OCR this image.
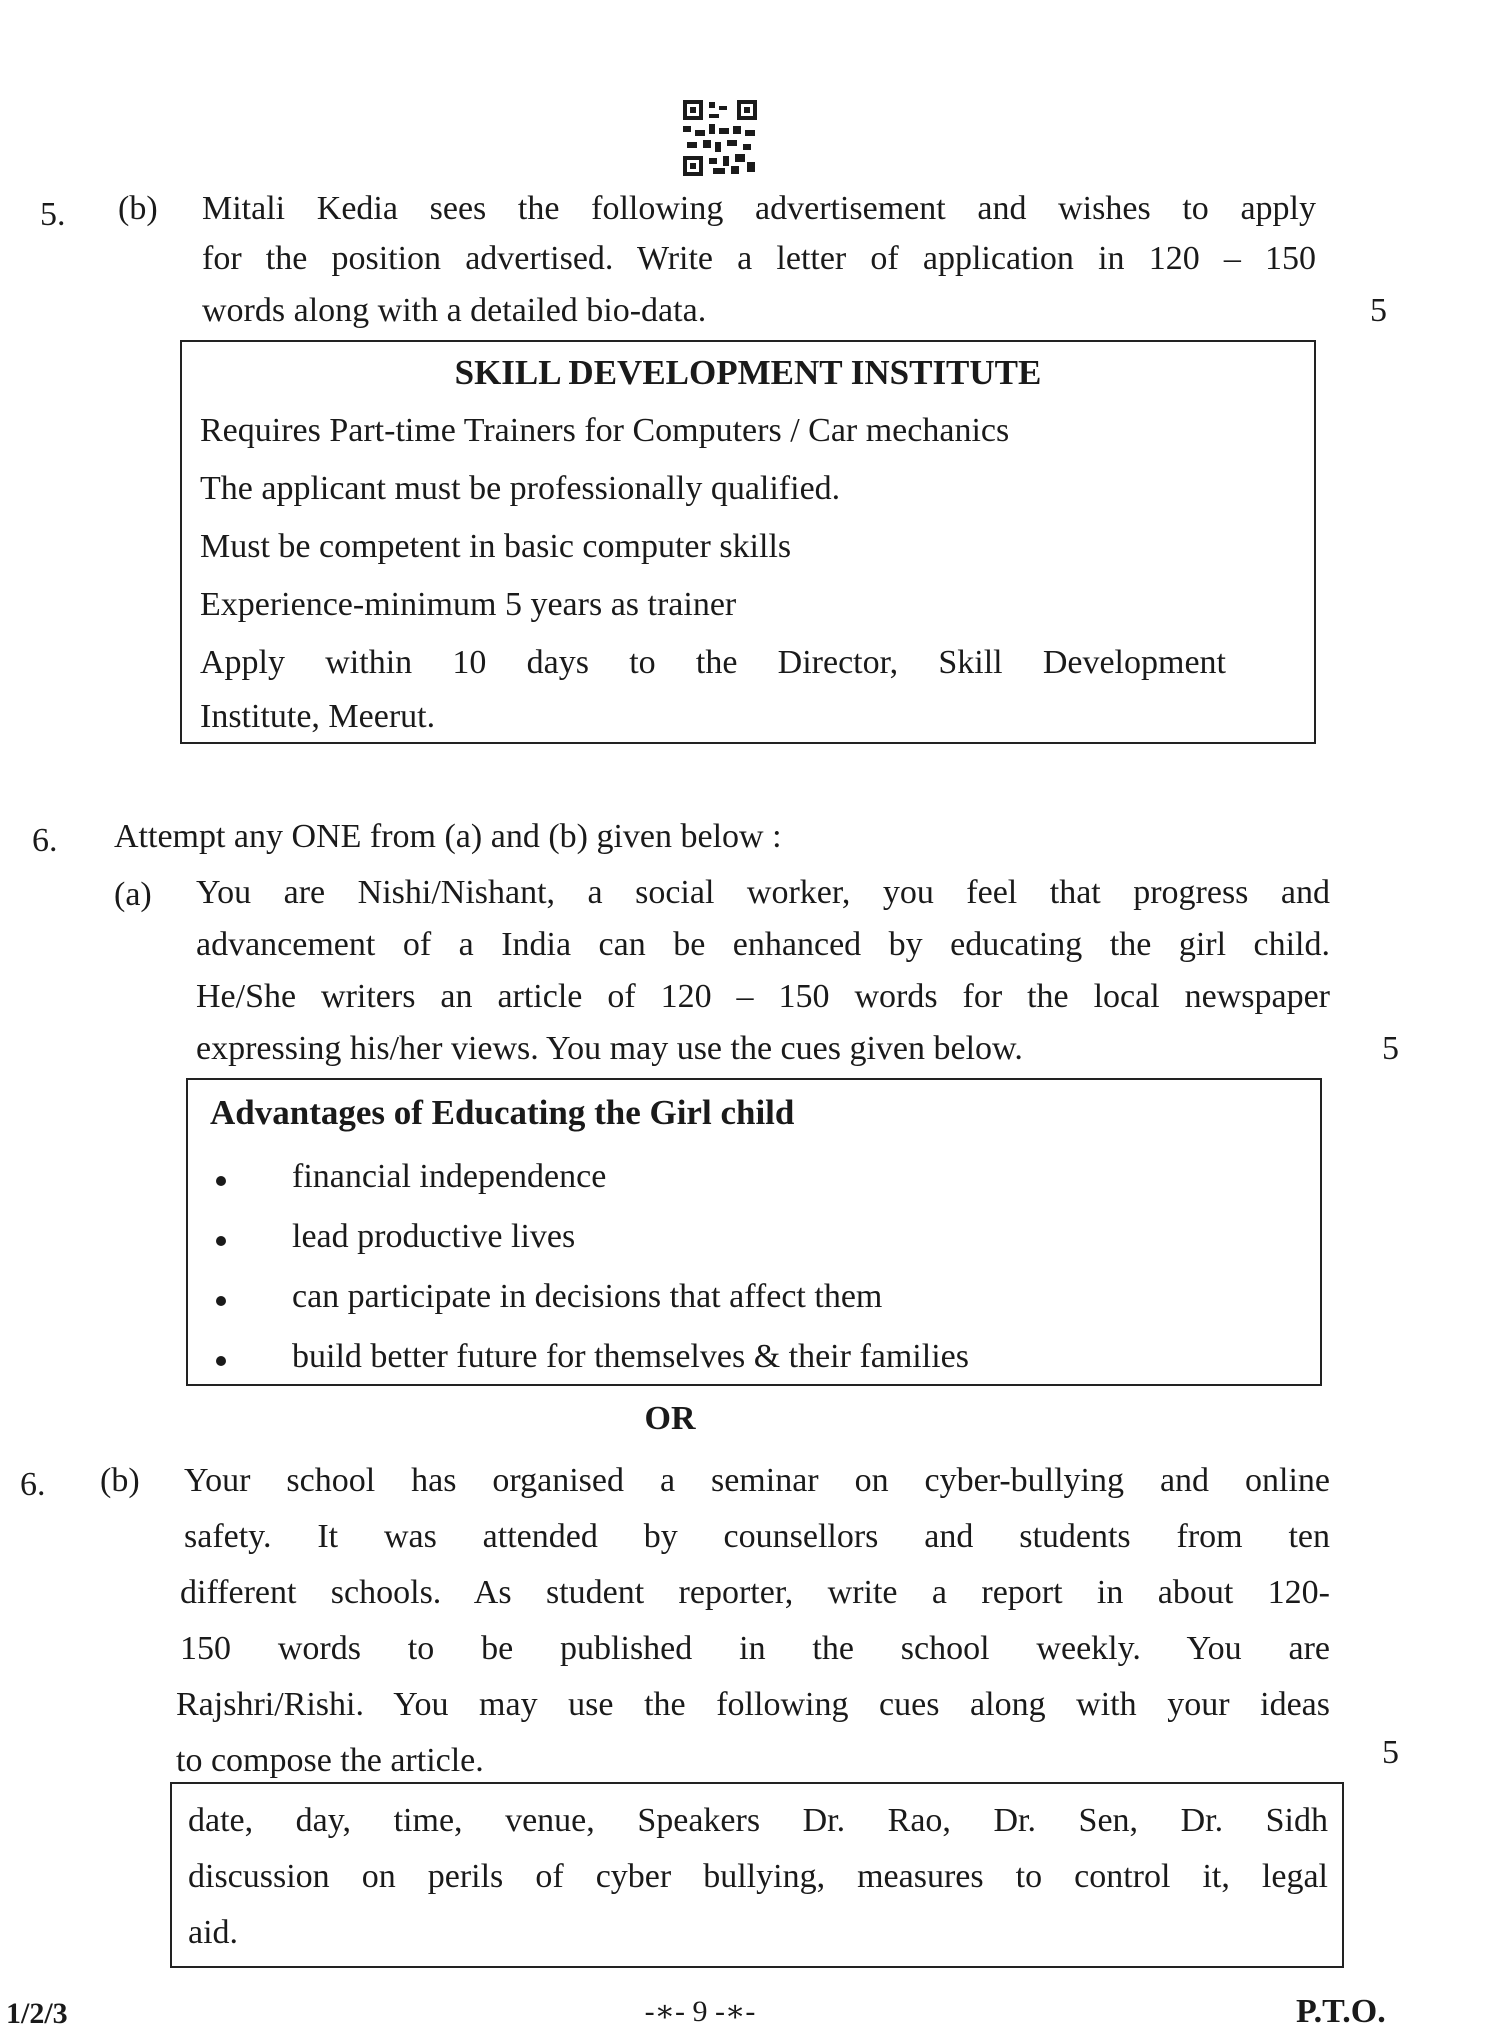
5. (b) Mitali Kedia sees the following advertisement and wishes to apply
for the position advertised. Write a letter of application in 120 – 150
words along with a detailed bio-data.	5
SKILL DEVELOPMENT INSTITUTE
Requires Part-time Trainers for Computers / Car mechanics
The applicant must be professionally qualified.
Must be competent in basic computer skills
Experience-minimum 5 years as trainer
Apply within 10 days to the Director, Skill Development
Institute, Meerut.
6. Attempt any ONE from (a) and (b) given below :
(a) You are Nishi/Nishant, a social worker, you feel that progress and
advancement of a India can be enhanced by educating the girl child.
He/She writers an article of 120 – 150 words for the local newspaper
expressing his/her views. You may use the cues given below.	5
Advantages of Educating the Girl child
financial independence
lead productive lives
can participate in decisions that affect them
build better future for themselves & their families
OR
6. (b) Your school has organised a seminar on cyber-bullying and online
safety. It was attended by counsellors and students from ten
different schools. As student reporter, write a report in about 120-
150 words to be published in the school weekly. You are
Rajshri/Rishi. You may use the following cues along with your ideas
to compose the article.	5
date, day, time, venue, Speakers Dr. Rao, Dr. Sen, Dr. Sidh
discussion on perils of cyber bullying, measures to control it, legal
aid.
1/2/3	-∗- 9 -∗-	P.T.O.
